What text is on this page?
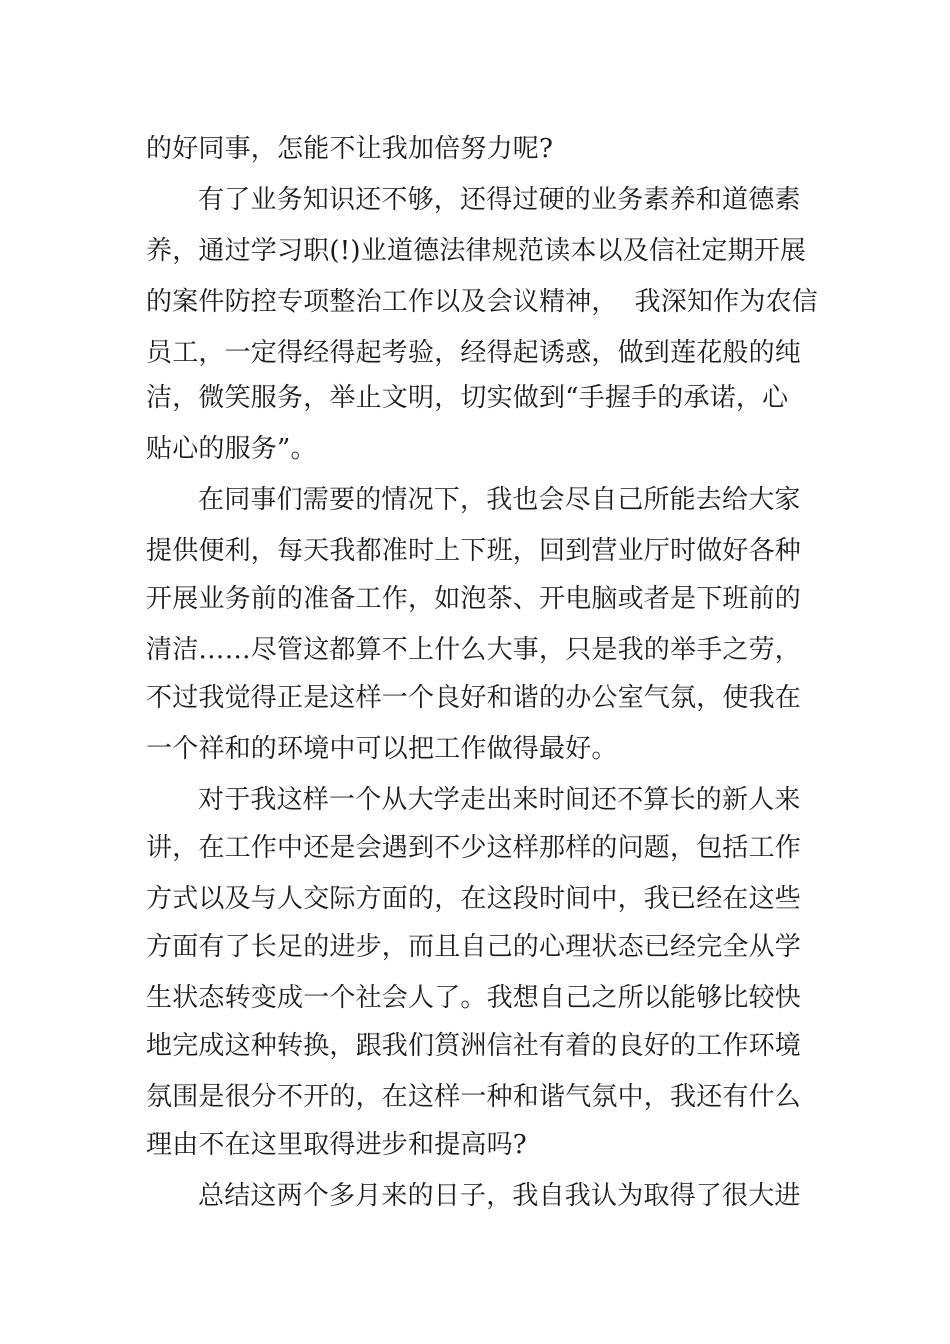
的好同事，怎能不让我加倍努力呢?
有了业务知识还不够，还得过硬的业务素养和道德素
养，通过学习职(!)业道德法律规范读本以及信社定期开展
的案件防控专项整治工作以及会议精神，  我深知作为农信
员工，一定得经得起考验，经得起诱惑，做到莲花般的纯
洁，微笑服务，举止文明，切实做到“手握手的承诺，心
贴心的服务”。
在同事们需要的情况下，我也会尽自己所能去给大家
提供便利，每天我都准时上下班，回到营业厅时做好各种
开展业务前的准备工作，如泡茶、开电脑或者是下班前的
清洁……尽管这都算不上什么大事，只是我的举手之劳，
不过我觉得正是这样一个良好和谐的办公室气氛，使我在
一个祥和的环境中可以把工作做得最好。
对于我这样一个从大学走出来时间还不算长的新人来
讲，在工作中还是会遇到不少这样那样的问题，包括工作
方式以及与人交际方面的，在这段时间中，我已经在这些
方面有了长足的进步，而且自己的心理状态已经完全从学
生状态转变成一个社会人了。我想自己之所以能够比较快
地完成这种转换，跟我们筼洲信社有着的良好的工作环境
氛围是很分不开的，在这样一种和谐气氛中，我还有什么
理由不在这里取得进步和提高吗?
总结这两个多月来的日子，我自我认为取得了很大进
